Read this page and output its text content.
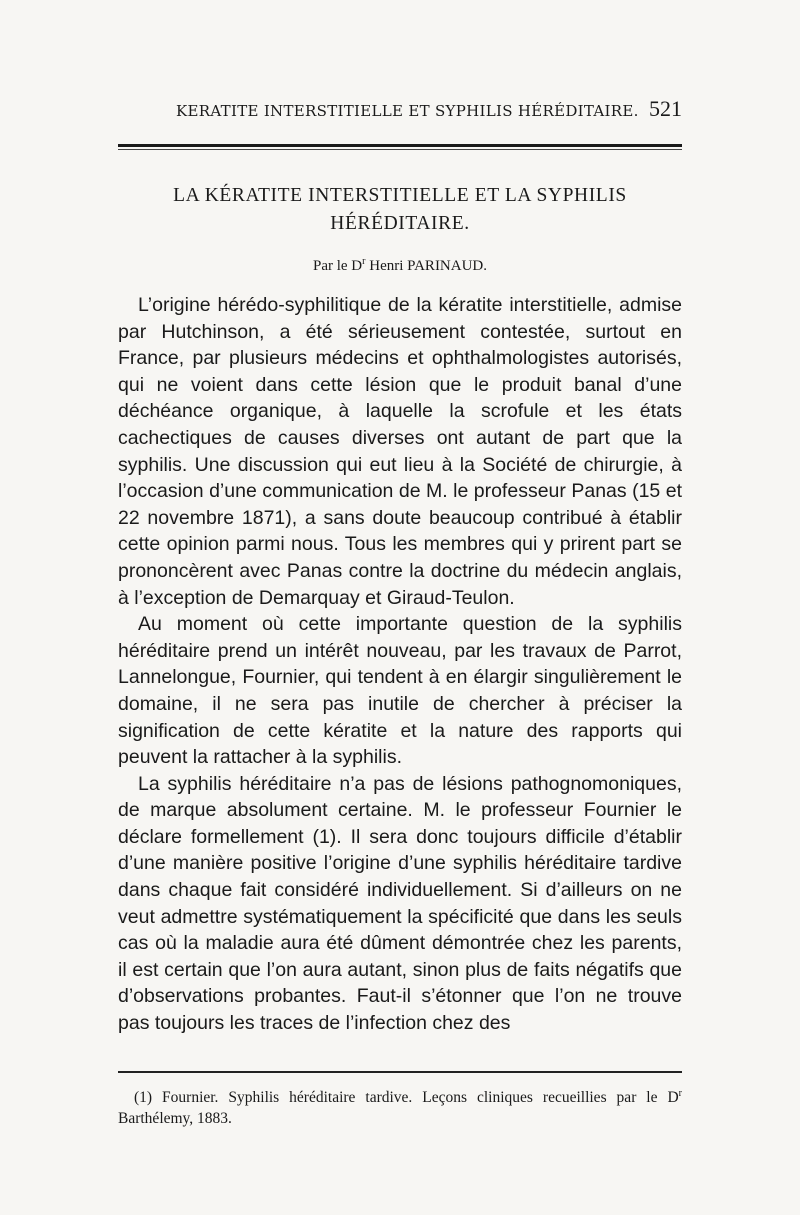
KERATITE INTERSTITIELLE ET SYPHILIS HÉRÉDITAIRE. 521
LA KÉRATITE INTERSTITIELLE ET LA SYPHILIS HÉRÉDITAIRE.
Par le $D^r$ Henri PARINAUD.

L’origine hérédo-syphilitique de la kératite interstitielle, admise par Hutchinson, a été sérieusement contestée, surtout en France, par plusieurs médecins et ophthalmologistes autorisés, qui ne voient dans cette lésion que le produit banal d’une déchéance organique, à laquelle la scrofule et les états cachectiques de causes diverses ont autant de part que la syphilis. Une discussion qui eut lieu à la Société de chirurgie, à l’occasion d’une communication de M. le professeur Panas (15 et 22 novembre 1871), a sans doute beaucoup contribué à établir cette opinion parmi nous. Tous les membres qui y prirent part se prononcèrent avec Panas contre la doctrine du médecin anglais, à l’exception de Demarquay et Giraud-Teulon.

Au moment où cette importante question de la syphilis héréditaire prend un intérêt nouveau, par les travaux de Parrot, Lannelongue, Fournier, qui tendent à en élargir singulièrement le domaine, il ne sera pas inutile de chercher à préciser la signification de cette kératite et la nature des rapports qui peuvent la rattacher à la syphilis.

La syphilis héréditaire n’a pas de lésions pathognomoniques, de marque absolument certaine. M. le professeur Fournier le déclare formellement (1). Il sera donc toujours difficile d’établir d’une manière positive l’origine d’une syphilis héréditaire tardive dans chaque fait considéré individuellement. Si d’ailleurs on ne veut admettre systématiquement la spécificité que dans les seuls cas où la maladie aura été dûment démontrée chez les parents, il est certain que l’on aura autant, sinon plus de faits négatifs que d’observations probantes. Faut-il s’étonner que l’on ne trouve pas toujours les traces de l’infection chez des

(1) Fournier. Syphilis héréditaire tardive. Leçons cliniques recueillies par le $D^r$ Barthélemy, 1883.
